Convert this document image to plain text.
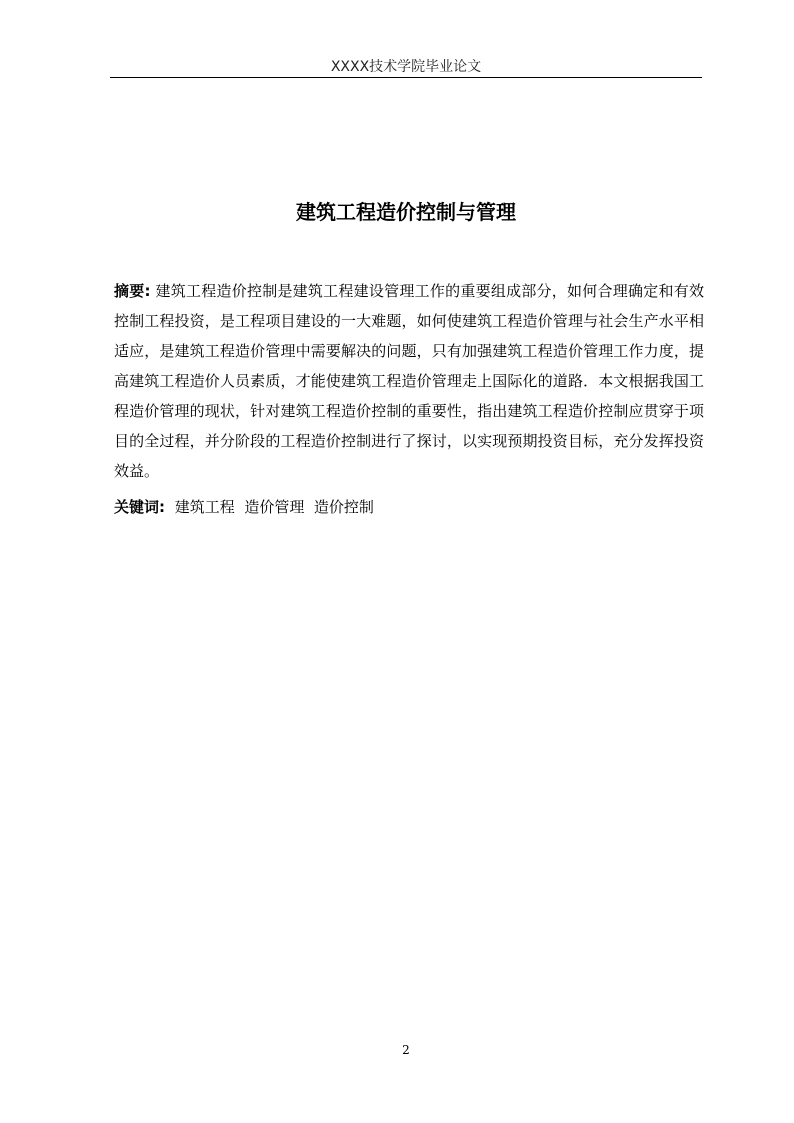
XXXX技术学院毕业论文
建筑工程造价控制与管理

摘要: 建筑工程造价控制是建筑工程建设管理工作的重要组成部分，如何合理确定和有效控制工程投资，是工程项目建设的一大难题，如何使建筑工程造价管理与社会生产水平相适应，是建筑工程造价管理中需要解决的问题，只有加强建筑工程造价管理工作力度，提高建筑工程造价人员素质，才能使建筑工程造价管理走上国际化的道路．本文根据我国工程造价管理的现状，针对建筑工程造价控制的重要性，指出建筑工程造价控制应贯穿于项目的全过程，并分阶段的工程造价控制进行了探讨，以实现预期投资目标，充分发挥投资效益。

关键词: 建筑工程 造价管理 造价控制

2
